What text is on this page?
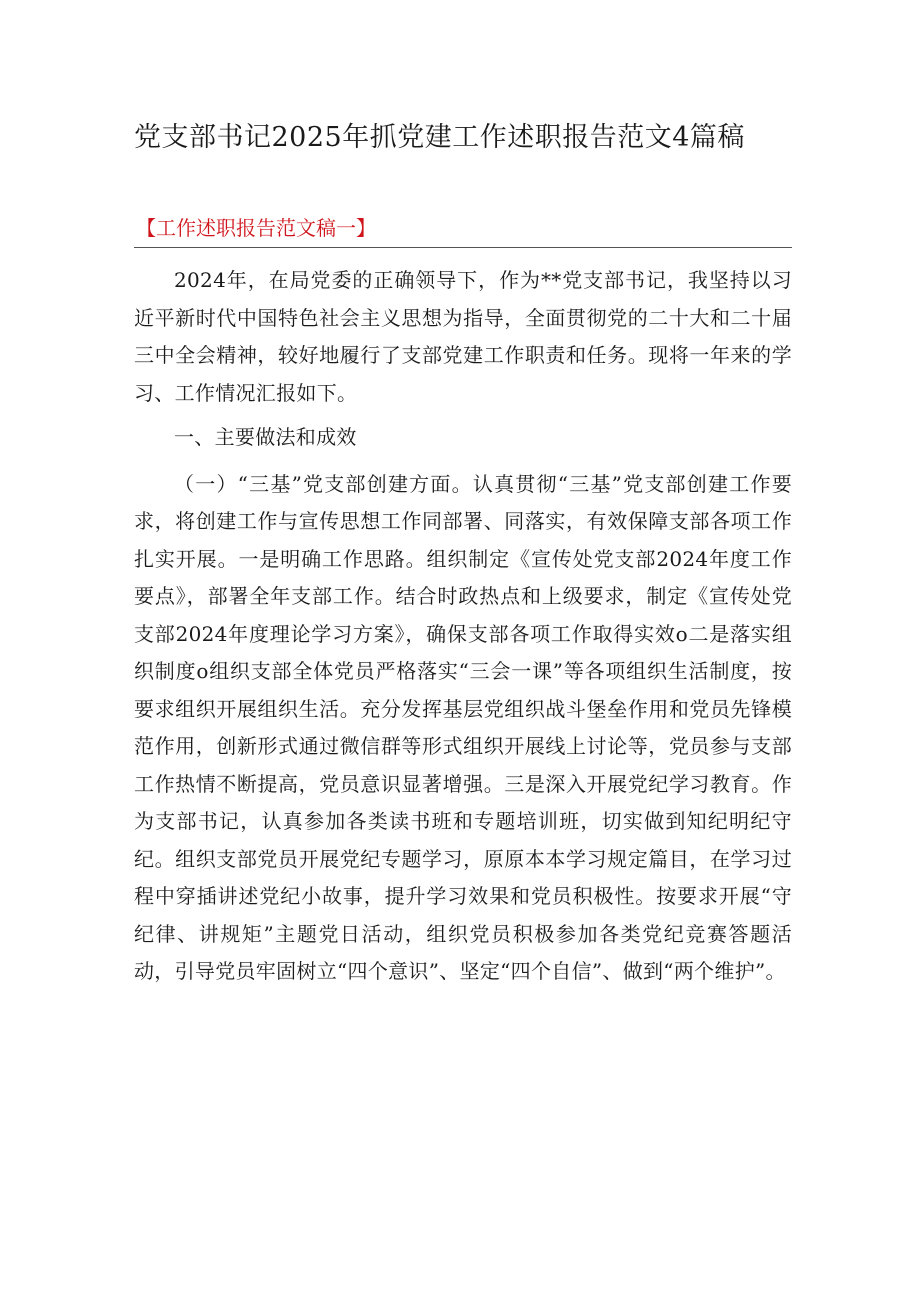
党支部书记2025年抓党建工作述职报告范文4篇稿
【工作述职报告范文稿一】

2024年，在局党委的正确领导下，作为**党支部书记，我坚持以习近平新时代中国特色社会主义思想为指导，全面贯彻党的二十大和二十届三中全会精神，较好地履行了支部党建工作职责和任务。现将一年来的学习、工作情况汇报如下。

一、主要做法和成效

（一）“三基”党支部创建方面。认真贯彻“三基”党支部创建工作要求，将创建工作与宣传思想工作同部署、同落实，有效保障支部各项工作扎实开展。一是明确工作思路。组织制定《宣传处党支部2024年度工作要点》，部署全年支部工作。结合时政热点和上级要求，制定《宣传处党支部2024年度理论学习方案》，确保支部各项工作取得实效o二是落实组织制度o组织支部全体党员严格落实“三会一课”等各项组织生活制度，按要求组织开展组织生活。充分发挥基层党组织战斗堡垒作用和党员先锋模范作用，创新形式通过微信群等形式组织开展线上讨论等，党员参与支部工作热情不断提高，党员意识显著增强。三是深入开展党纪学习教育。作为支部书记，认真参加各类读书班和专题培训班，切实做到知纪明纪守纪。组织支部党员开展党纪专题学习，原原本本学习规定篇目，在学习过程中穿插讲述党纪小故事，提升学习效果和党员积极性。按要求开展“守纪律、讲规矩”主题党日活动，组织党员积极参加各类党纪竞赛答题活动，引导党员牢固树立“四个意识”、坚定“四个自信”、做到“两个维护”。
